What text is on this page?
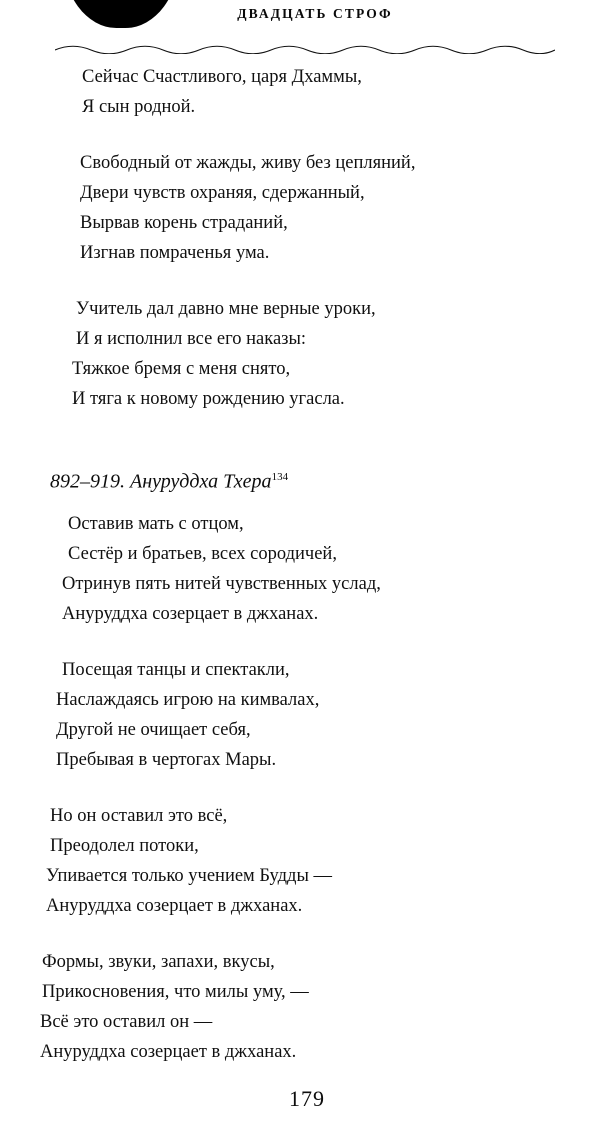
ДВАДЦАТЬ СТРОФ
Сейчас Счастливого, царя Дхаммы,
Я сын родной.
Свободный от жажды, живу без цепляний,
Двери чувств охраняя, сдержанный,
Вырвав корень страданий,
Изгнав помраченья ума.
Учитель дал давно мне верные уроки,
И я исполнил все его наказы:
Тяжкое бремя с меня снято,
И тяга к новому рождению угасла.
892–919. Ануруддха Тхера$^{134}$
Оставив мать с отцом,
Сестёр и братьев, всех сородичей,
Отринув пять нитей чувственных услад,
Ануруддха созерцает в джханах.
Посещая танцы и спектакли,
Наслаждаясь игрою на кимвалах,
Другой не очищает себя,
Пребывая в чертогах Мары.
Но он оставил это всё,
Преодолел потоки,
Упивается только учением Будды —
Ануруддха созерцает в джханах.
Формы, звуки, запахи, вкусы,
Прикосновения, что милы уму, —
Всё это оставил он —
Ануруддха созерцает в джханах.
179
